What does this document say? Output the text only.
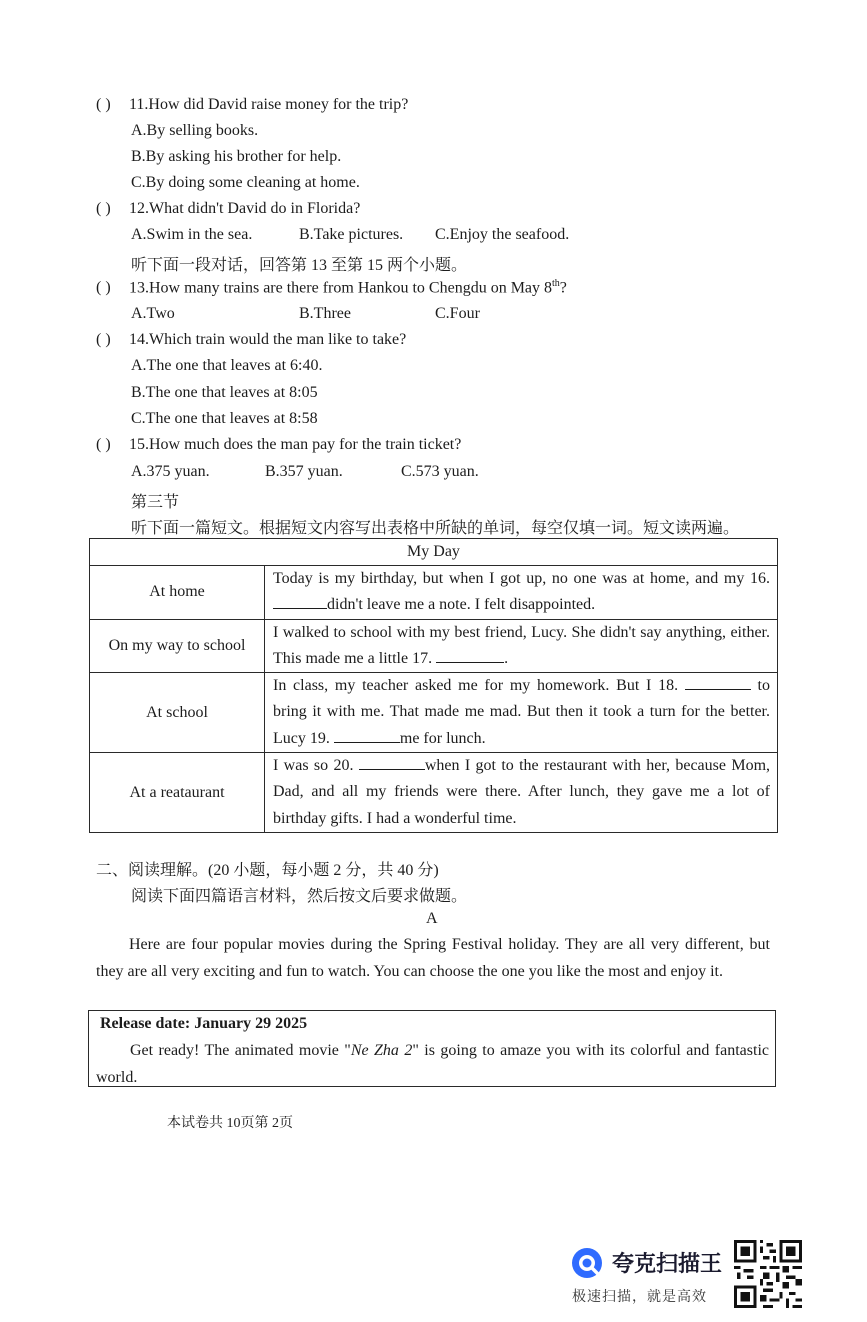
( ) 11.How did David raise money for the trip?
A.By selling books.
B.By asking his brother for help.
C.By doing some cleaning at home.
( ) 12.What didn't David do in Florida?
A.Swim in the sea.	B.Take pictures. C.Enjoy the seafood.
听下面一段对话，回答第 13 至第 15 两个小题。
( ) 13.How many trains are there from Hankou to Chengdu on May 8th?
A.Two	B.Three	C.Four
( ) 14.Which train would the man like to take?
A.The one that leaves at 6:40.
B.The one that leaves at 8:05
C.The one that leaves at 8:58
( ) 15.How much does the man pay for the train ticket?
A.375 yuan.	B.357 yuan.	C.573 yuan.
第三节
听下面一篇短文。根据短文内容写出表格中所缺的单词，每空仅填一词。短文读两遍。
My Day	
At home	Today is my birthday, but when I got up, no one was at home, and my 16. didn't leave me a note. I felt disappointed.
On my way to school	I walked to school with my best friend, Lucy. She didn't say anything, either. This made me a little 17. .
At school	In class, my teacher asked me for my homework. But I 18. to bring it with me. That made me mad. But then it took a turn for the better. Lucy 19. me for lunch.
At a reataurant	I was so 20. when I got to the restaurant with her, because Mom, Dad, and all my friends were there. After lunch, they gave me a lot of birthday gifts. I had a wonderful time.
二、阅读理解。(20 小题，每小题 2 分，共 40 分)
阅读下面四篇语言材料，然后按文后要求做题。
A
Here are four popular movies during the Spring Festival holiday. They are all very different, but they are all very exciting and fun to watch. You can choose the one you like the most and enjoy it.
Release date: January 29 2025
Get ready! The animated movie "Ne Zha 2" is going to amaze you with its colorful and fantastic world.
本试卷共 10页第 2页
夸克扫描王
极速扫描，就是高效
